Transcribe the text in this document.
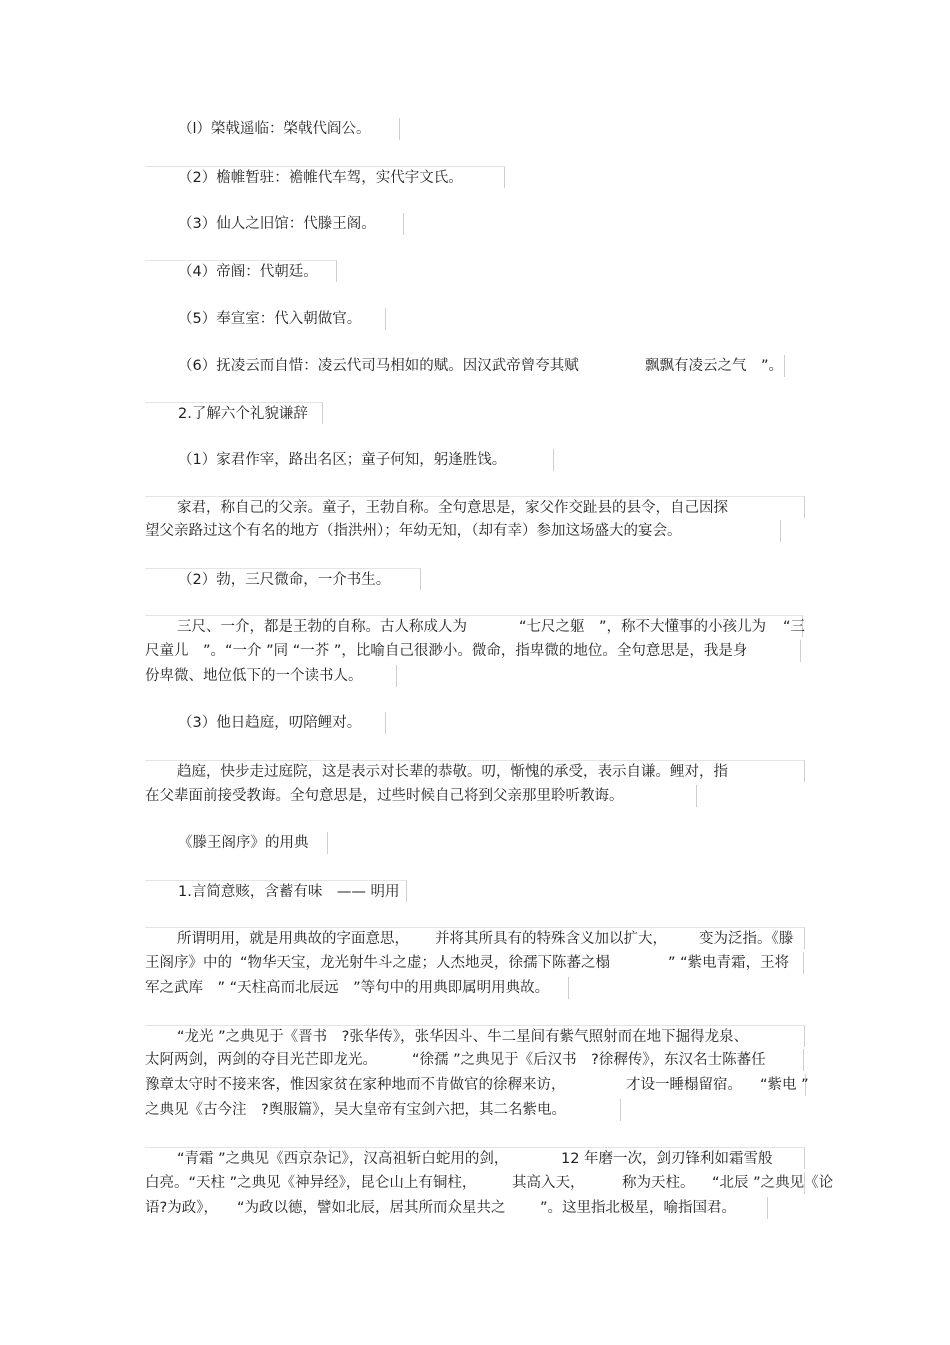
（l）棨戟遥临：棨戟代阎公。
（2）檐帷暂驻：襜帷代车驾，实代宇文氏。
（3）仙人之旧馆：代滕王阁。
（4）帝阍：代朝廷。
（5）奉宣室：代入朝做官。
（6）抚凌云而自惜：凌云代司马相如的赋。因汉武帝曾夸其赋	飘飘有凌云之气　”。
2.了解六个礼貌谦辞
（1）家君作宰，路出名区；童子何知，躬逢胜饯。
家君，称自己的父亲。童子，王勃自称。全句意思是，家父作交趾县的县令，自己因探
望父亲路过这个有名的地方（指洪州）；年幼无知，（却有幸）参加这场盛大的宴会。
（2）勃，三尺微命，一介书生。
三尺、一介，都是王勃的自称。古人称成人为	“七尺之躯　”，称不大懂事的小孩儿为	“三
尺童儿　”。“一介 ”同 “一芥 ”，比喻自己很渺小。微命，指卑微的地位。全句意思是，我是身
份卑微、地位低下的一个读书人。
（3）他日趋庭，叨陪鲤对。
趋庭，快步走过庭院，这是表示对长辈的恭敬。叨，惭愧的承受，表示自谦。鲤对，指
在父辈面前接受教诲。全句意思是，过些时候自己将到父亲那里聆听教诲。
《滕王阁序》的用典
1.言简意赅，含蓄有味　—— 明用
所谓明用，就是用典故的字面意思，	并将其所具有的特殊含义加以扩大，	变为泛指。《滕
王阁序》中的 “物华天宝，龙光射牛斗之虚；人杰地灵，徐孺下陈蕃之榻	” “紫电青霜，王将
军之武库　” “天柱高而北辰远　”等句中的用典即属明用典故。
“龙光 ”之典见于《晋书　?张华传》，张华因斗、牛二星间有紫气照射而在地下掘得龙泉、
太阿两剑，两剑的夺目光芒即龙光。	“徐孺 ”之典见于《后汉书　?徐稺传》，东汉名士陈蕃任
豫章太守时不接来客，惟因家贫在家种地而不肯做官的徐稺来访，	才设一睡榻留宿。	“紫电 ”
之典见《古今注　?舆服篇》，吴大皇帝有宝剑六把，其二名紫电。
“青霜 ”之典见《西京杂记》，汉高祖斩白蛇用的剑，	12 年磨一次，剑刃锋利如霜雪般
白亮。“天柱 ”之典见《神异经》，昆仑山上有铜柱，	其高入天，	称为天柱。	“北辰 ”之典见《论
语?为政》，	“为政以德，譬如北辰，居其所而众星共之	”。这里指北极星，喻指国君。
